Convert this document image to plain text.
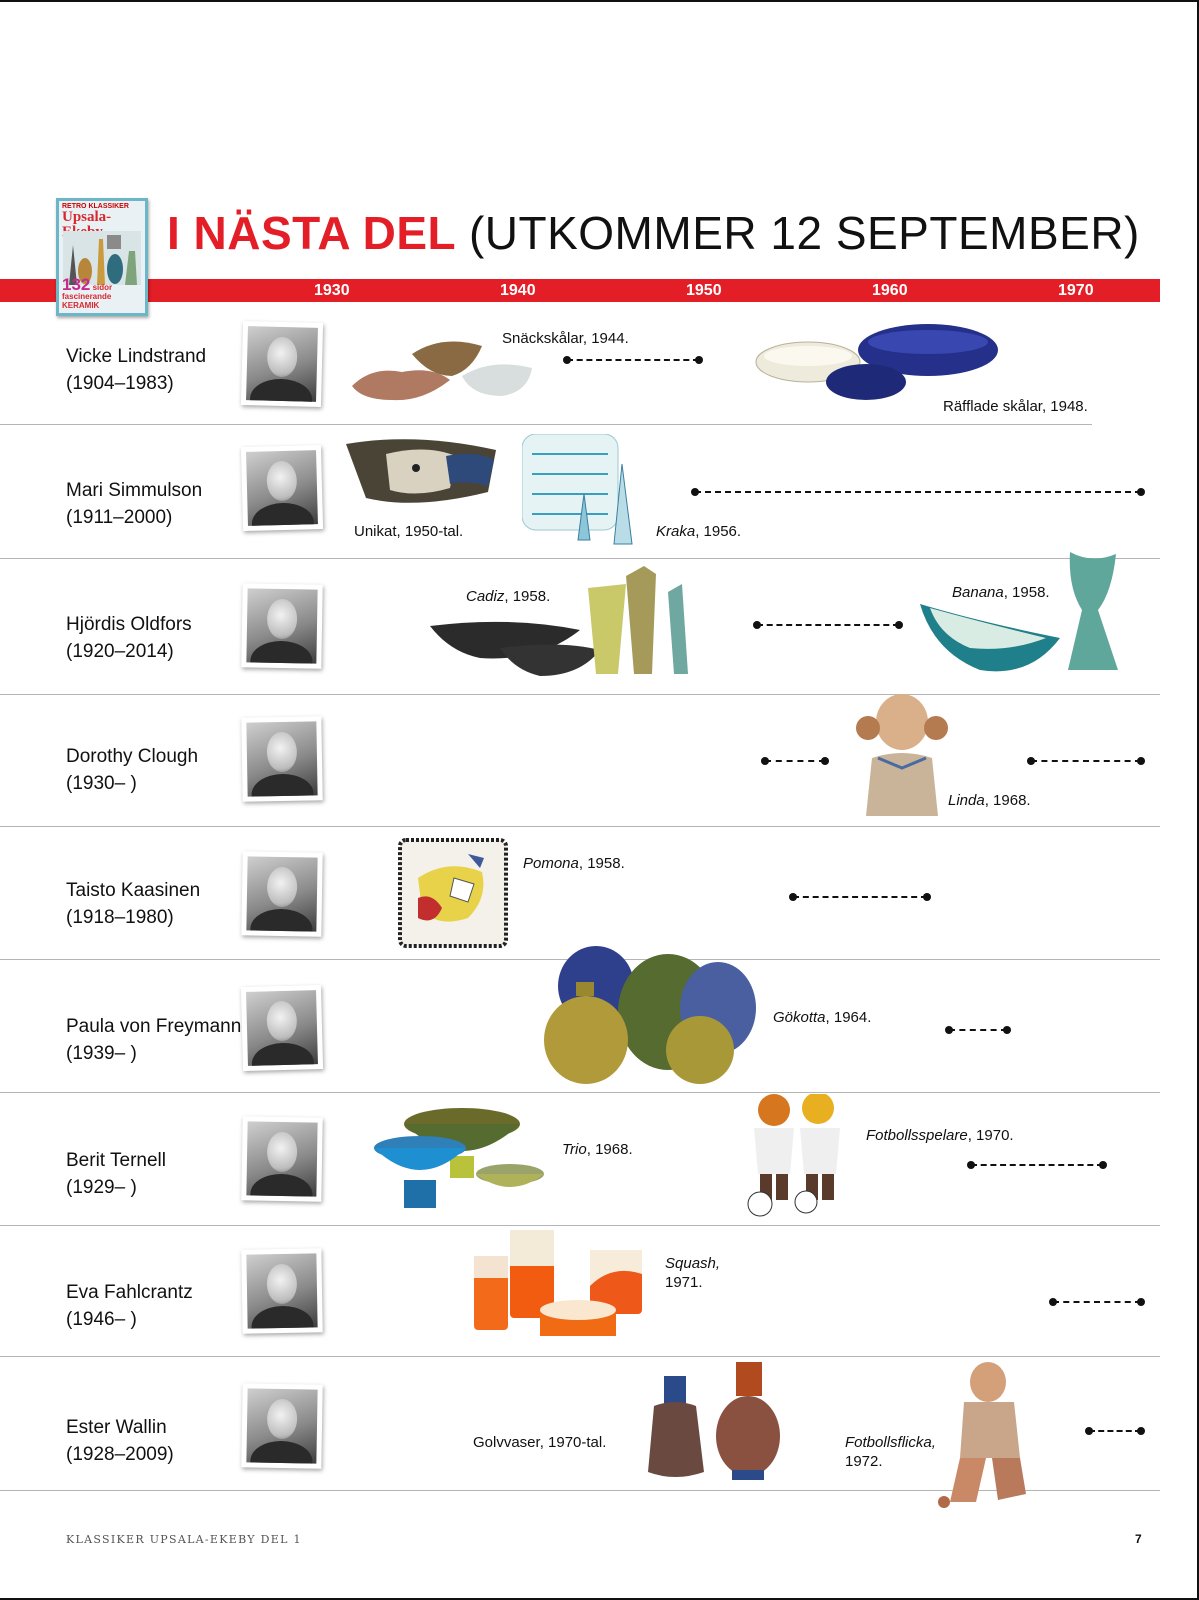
RETRO KLASSIKER
Upsala-
132 sidor fascinerande KERAMIK
I NÄSTA DEL (UTKOMMER 12 SEPTEMBER)
1930	1940	1950	1960	1970
Vicke Lindstrand
(1904–1983)
Snäckskålar, 1944.
Räfflade skålar, 1948.
Mari Simmulson
(1911–2000)
Unikat, 1950-tal.	Kraka, 1956.
Hjördis Oldfors
(1920–2014)
Cadiz, 1958.	Banana, 1958.
Dorothy Clough
(1930– )
Linda, 1968.
Taisto Kaasinen
(1918–1980)
Pomona, 1958.
Paula von Freymann
(1939– )
Gökotta, 1964.
Berit Ternell
(1929– )
Trio, 1968.
Fotbollsspelare, 1970.
Eva Fahlcrantz
(1946– )
Squash,
1971.
Ester Wallin
(1928–2009)
Golvvaser, 1970-tal.	Fotbollsflicka,
1972.
KLASSIKER UPSALA-EKEBY DEL 1	7
